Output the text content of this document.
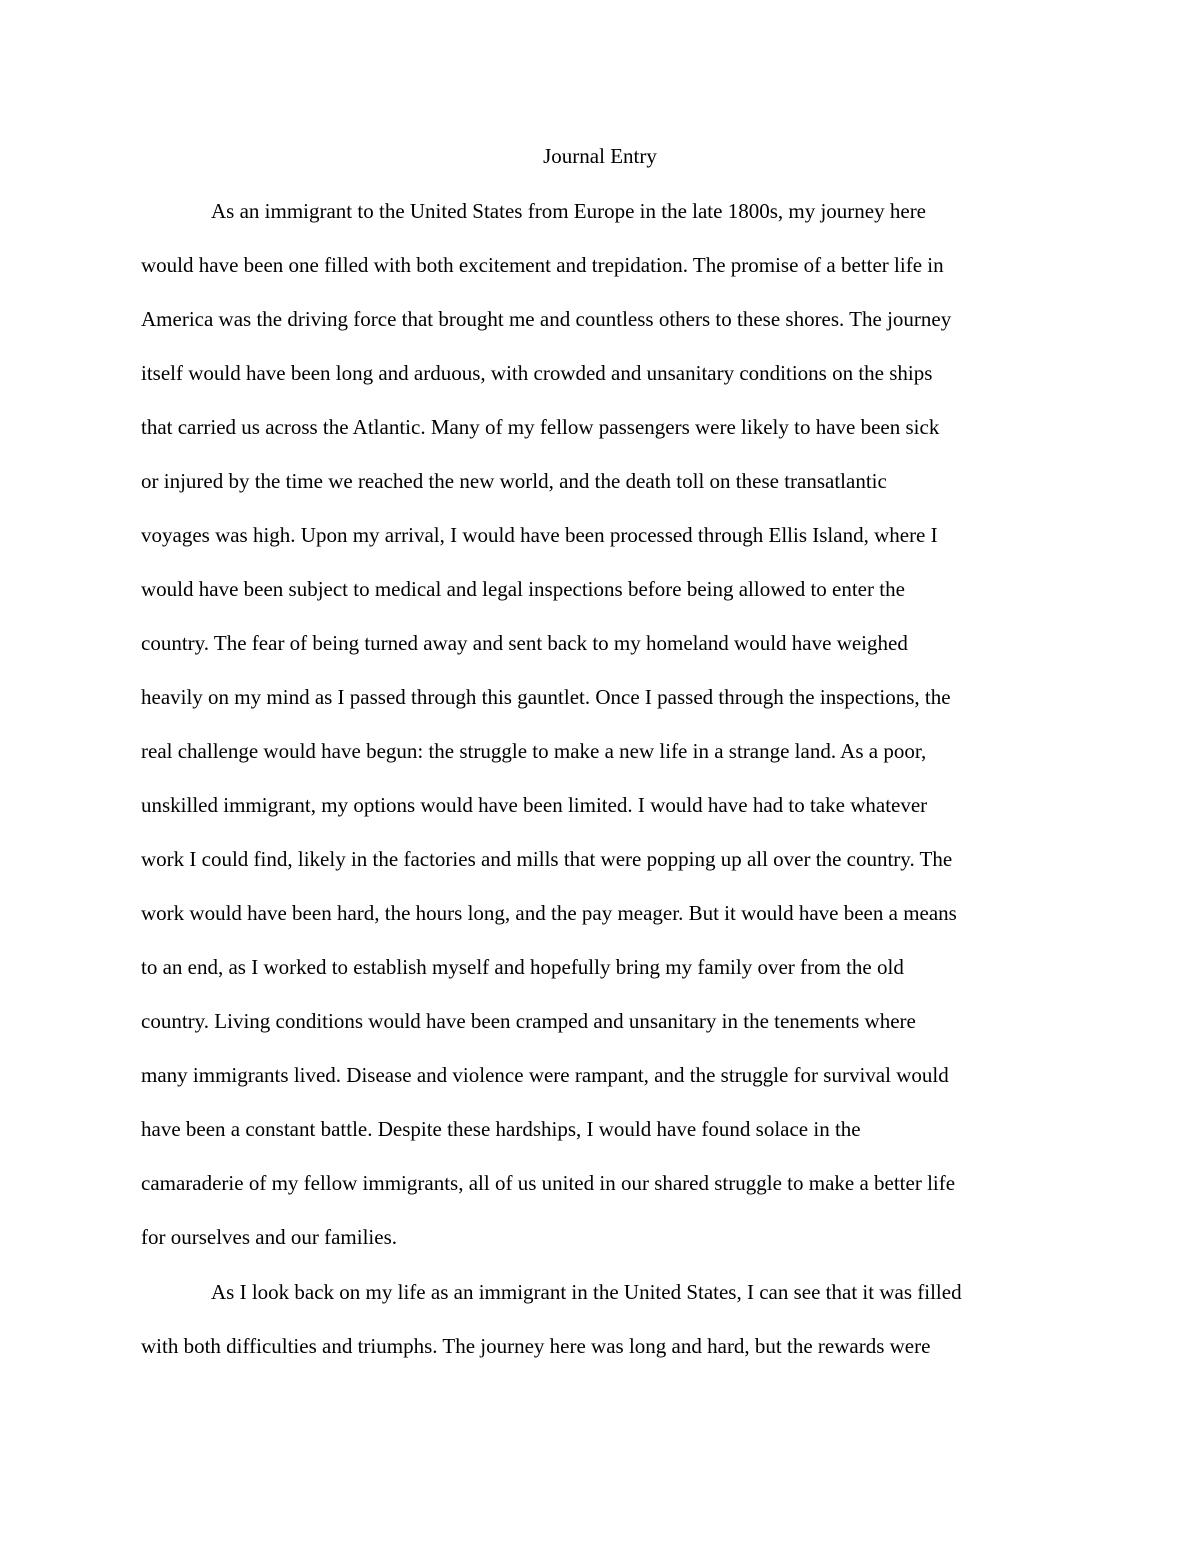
Journal Entry

As an immigrant to the United States from Europe in the late 1800s, my journey here

would have been one filled with both excitement and trepidation. The promise of a better life in

America was the driving force that brought me and countless others to these shores. The journey

itself would have been long and arduous, with crowded and unsanitary conditions on the ships

that carried us across the Atlantic. Many of my fellow passengers were likely to have been sick

or injured by the time we reached the new world, and the death toll on these transatlantic

voyages was high. Upon my arrival, I would have been processed through Ellis Island, where I

would have been subject to medical and legal inspections before being allowed to enter the

country. The fear of being turned away and sent back to my homeland would have weighed

heavily on my mind as I passed through this gauntlet. Once I passed through the inspections, the

real challenge would have begun: the struggle to make a new life in a strange land. As a poor,

unskilled immigrant, my options would have been limited. I would have had to take whatever

work I could find, likely in the factories and mills that were popping up all over the country. The

work would have been hard, the hours long, and the pay meager. But it would have been a means

to an end, as I worked to establish myself and hopefully bring my family over from the old

country. Living conditions would have been cramped and unsanitary in the tenements where

many immigrants lived. Disease and violence were rampant, and the struggle for survival would

have been a constant battle. Despite these hardships, I would have found solace in the

camaraderie of my fellow immigrants, all of us united in our shared struggle to make a better life

for ourselves and our families.

As I look back on my life as an immigrant in the United States, I can see that it was filled

with both difficulties and triumphs. The journey here was long and hard, but the rewards were
